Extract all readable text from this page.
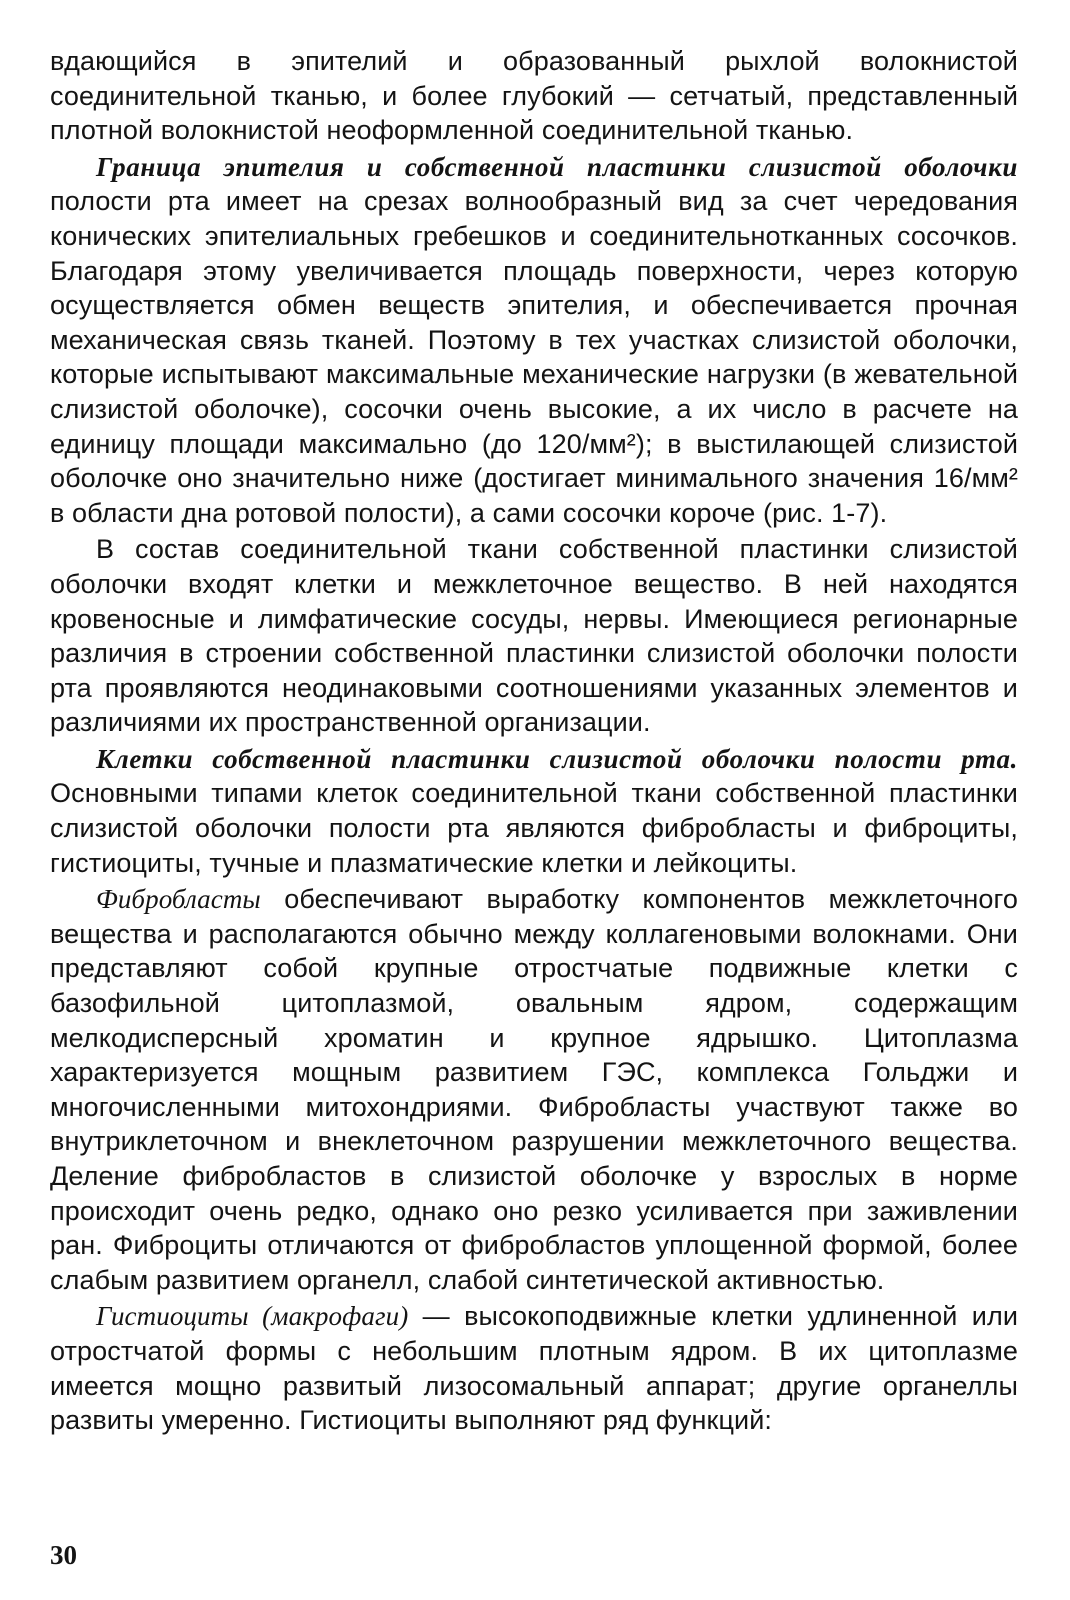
вдающийся в эпителий и образованный рыхлой волокнистой соединительной тканью, и более глубокий — сетчатый, представленный плотной волокнистой неоформленной соединительной тканью.

Граница эпителия и собственной пластинки слизистой оболочки полости рта имеет на срезах волнообразный вид за счет чередования конических эпителиальных гребешков и соединительнотканных сосочков. Благодаря этому увеличивается площадь поверхности, через которую осуществляется обмен веществ эпителия, и обеспечивается прочная механическая связь тканей. Поэтому в тех участках слизистой оболочки, которые испытывают максимальные механические нагрузки (в жевательной слизистой оболочке), сосочки очень высокие, а их число в расчете на единицу площади максимально (до 120/мм²); в выстилающей слизистой оболочке оно значительно ниже (достигает минимального значения 16/мм² в области дна ротовой полости), а сами сосочки короче (рис. 1-7).

В состав соединительной ткани собственной пластинки слизистой оболочки входят клетки и межклеточное вещество. В ней находятся кровеносные и лимфатические сосуды, нервы. Имеющиеся регионарные различия в строении собственной пластинки слизистой оболочки полости рта проявляются неодинаковыми соотношениями указанных элементов и различиями их пространственной организации.

Клетки собственной пластинки слизистой оболочки полости рта. Основными типами клеток соединительной ткани собственной пластинки слизистой оболочки полости рта являются фибробласты и фиброциты, гистиоциты, тучные и плазматические клетки и лейкоциты.

Фибробласты обеспечивают выработку компонентов межклеточного вещества и располагаются обычно между коллагеновыми волокнами. Они представляют собой крупные отростчатые подвижные клетки с базофильной цитоплазмой, овальным ядром, содержащим мелкодисперсный хроматин и крупное ядрышко. Цитоплазма характеризуется мощным развитием ГЭС, комплекса Гольджи и многочисленными митохондриями. Фибробласты участвуют также во внутриклеточном и внеклеточном разрушении межклеточного вещества. Деление фибробластов в слизистой оболочке у взрослых в норме происходит очень редко, однако оно резко усиливается при заживлении ран. Фиброциты отличаются от фибробластов уплощенной формой, более слабым развитием органелл, слабой синтетической активностью.

Гистиоциты (макрофаги) — высокоподвижные клетки удлиненной или отростчатой формы с небольшим плотным ядром. В их цитоплазме имеется мощно развитый лизосомальный аппарат; другие органеллы развиты умеренно. Гистиоциты выполняют ряд функций:

30
